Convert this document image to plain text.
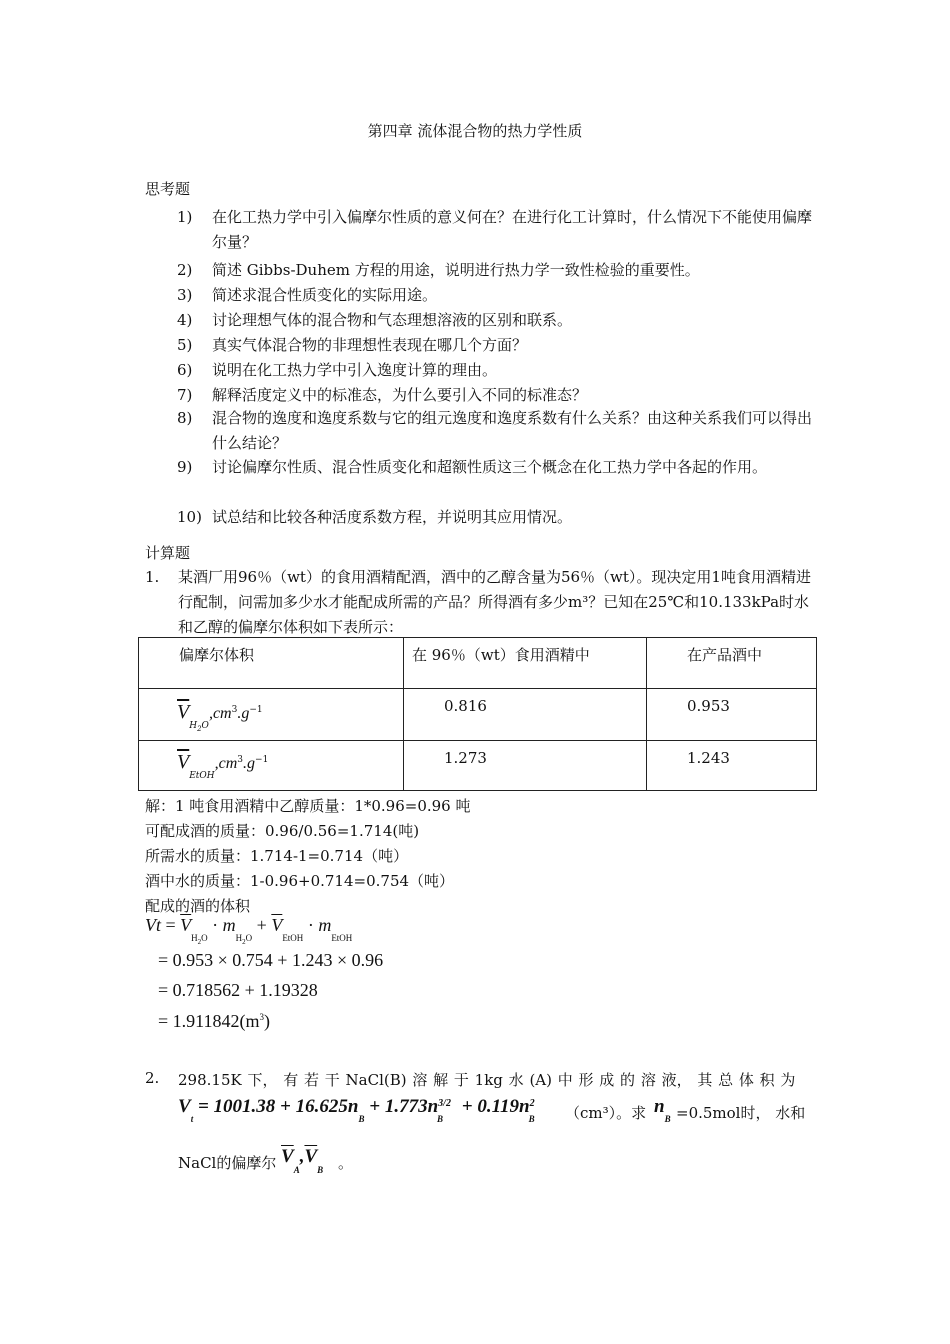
第四章 流体混合物的热力学性质
思考题
1) 在化工热力学中引入偏摩尔性质的意义何在？在进行化工计算时，什么情况下不能使用偏摩尔量？
2) 简述 Gibbs-Duhem 方程的用途，说明进行热力学一致性检验的重要性。
3) 简述求混合性质变化的实际用途。
4) 讨论理想气体的混合物和气态理想溶液的区别和联系。
5) 真实气体混合物的非理想性表现在哪几个方面？
6) 说明在化工热力学中引入逸度计算的理由。
7) 解释活度定义中的标准态，为什么要引入不同的标准态？
8) 混合物的逸度和逸度系数与它的组元逸度和逸度系数有什么关系？由这种关系我们可以得出什么结论？
9) 讨论偏摩尔性质、混合性质变化和超额性质这三个概念在化工热力学中各起的作用。
10) 试总结和比较各种活度系数方程，并说明其应用情况。
计算题
1. 某酒厂用96％（wt）的食用酒精配酒，酒中的乙醇含量为56％（wt）。现决定用1吨食用酒精进行配制，问需加多少水才能配成所需的产品？所得酒有多少m³？已知在25℃和10.133kPa时水和乙醇的偏摩尔体积如下表所示：
偏摩尔体积	在 96％（wt）食用酒精中	在产品酒中
$\overline{V}_{H_2O},cm^3.g^{-1}$	0.816	0.953
$\overline{V}_{EtOH},cm^3.g^{-1}$	1.273	1.243
解：1 吨食用酒精中乙醇质量：1*0.96=0.96 吨
可配成酒的质量：0.96/0.56=1.714(吨)
所需水的质量：1.714-1=0.714（吨）
酒中水的质量：1-0.96+0.714=0.754（吨）
配成的酒的体积
$Vt = \overline{V}_{H_2O} \cdot m_{H_2O} + \overline{V}_{EtOH} \cdot m_{EtOH}$
= 0.953 × 0.754 + 1.243 × 0.96
= 0.718562 + 1.19328
= $1.911842(m^3)$
2. 298.15K 下， 有 若 干 NaCl(B) 溶 解 于 1kg 水 (A) 中 形 成 的 溶 液， 其 总 体 积 为
$V_t = 1001.38 + 16.625n_B + 1.773n^{3/2}_B + 0.119n^2_B$	（cm³）。求 $n_B =0.5mol$时， 水和
NaCl的偏摩尔 $\overline{V}_A,\overline{V}_B$ 。
